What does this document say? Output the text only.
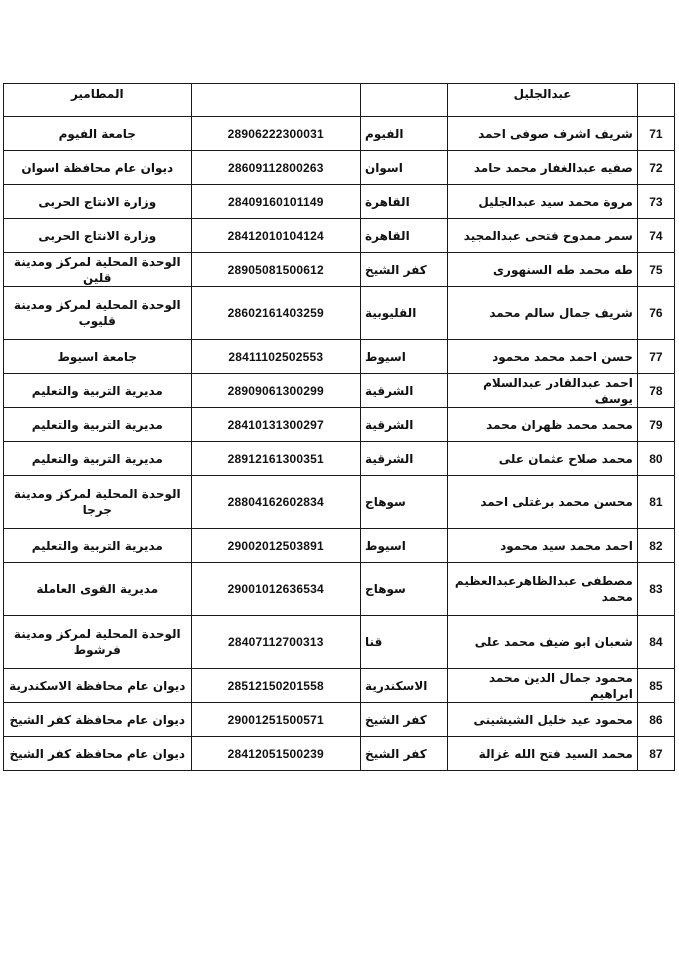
المطامير			عبدالجليل	
جامعة الفيوم	28906222300031	الفيوم	شريف اشرف صوفى احمد	71
ديوان عام محافظة اسوان	28609112800263	اسوان	صفيه عبدالغفار محمد حامد	72
وزارة الانتاج الحربى	28409160101149	القاهرة	مروة محمد سيد عبدالجليل	73
وزارة الانتاج الحربى	28412010104124	القاهرة	سمر ممدوح فتحى عبدالمجيد	74
الوحدة المحلية لمركز ومدينة قلين	28905081500612	كفر الشيخ	طه محمد طه السنهورى	75
الوحدة المحلية لمركز ومدينة قليوب	28602161403259	القليوبية	شريف جمال سالم محمد	76
جامعة اسيوط	28411102502553	اسيوط	حسن احمد محمد محمود	77
مديرية التربية والتعليم	28909061300299	الشرقية	احمد عبدالقادر عبدالسلام يوسف	78
مديرية التربية والتعليم	28410131300297	الشرقية	محمد محمد ظهران محمد	79
مديرية التربية والتعليم	28912161300351	الشرقية	محمد صلاح عثمان على	80
الوحدة المحلية لمركز ومدينة جرجا	28804162602834	سوهاج	محسن محمد برغتلى احمد	81
مديرية التربية والتعليم	29002012503891	اسيوط	احمد محمد سيد محمود	82
مديرية القوى العاملة	29001012636534	سوهاج	مصطفى عبدالظاهرعبدالعظيم محمد	83
الوحدة المحلية لمركز ومدينة فرشوط	28407112700313	قنا	شعبان ابو ضيف محمد على	84
ديوان عام محافظة الاسكندرية	28512150201558	الاسكندرية	محمود جمال الدين محمد ابراهيم	85
ديوان عام محافظة كفر الشيخ	29001251500571	كفر الشيخ	محمود عيد خليل الشيشينى	86
ديوان عام محافظة كفر الشيخ	28412051500239	كفر الشيخ	محمد السيد فتح الله غزالة	87
